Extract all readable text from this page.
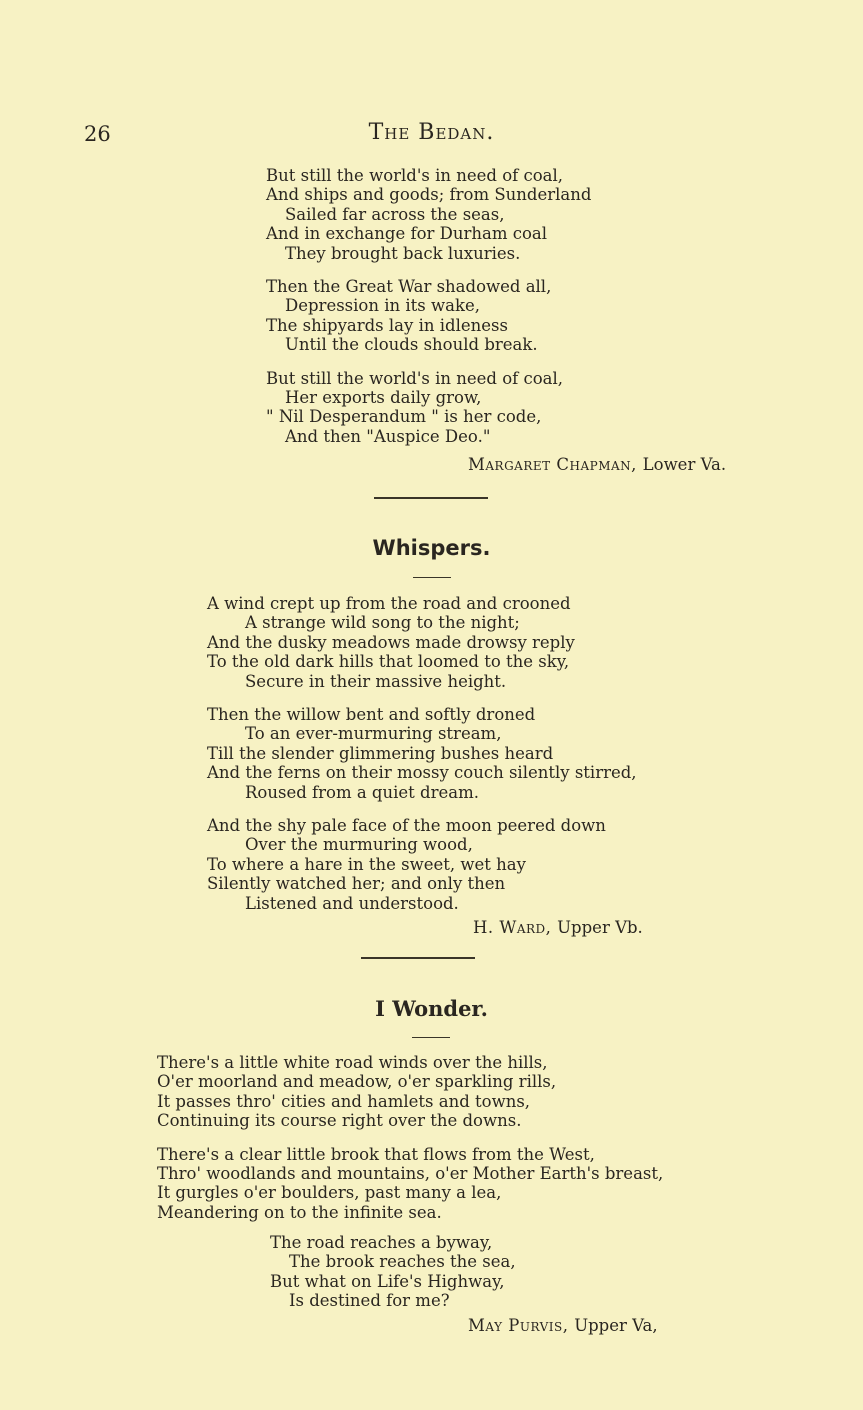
26	The Bedan.
But still the world's in need of coal,
And ships and goods; from Sunderland
Sailed far across the seas,
And in exchange for Durham coal
They brought back luxuries.
Then the Great War shadowed all,
Depression in its wake,
The shipyards lay in idleness
Until the clouds should break.
But still the world's in need of coal,
Her exports daily grow,
" Nil Desperandum " is her code,
And then "Auspice Deo."
Margaret Chapman, Lower Va.
Whispers.
A wind crept up from the road and crooned
A strange wild song to the night;
And the dusky meadows made drowsy reply
To the old dark hills that loomed to the sky,
Secure in their massive height.
Then the willow bent and softly droned
To an ever-murmuring stream,
Till the slender glimmering bushes heard
And the ferns on their mossy couch silently stirred,
Roused from a quiet dream.
And the shy pale face of the moon peered down
Over the murmuring wood,
To where a hare in the sweet, wet hay
Silently watched her; and only then
Listened and understood.
H. Ward, Upper Vb.
I Wonder.
There's a little white road winds over the hills,
O'er moorland and meadow, o'er sparkling rills,
It passes thro' cities and hamlets and towns,
Continuing its course right over the downs.
There's a clear little brook that flows from the West,
Thro' woodlands and mountains, o'er Mother Earth's breast,
It gurgles o'er boulders, past many a lea,
Meandering on to the infinite sea.
The road reaches a byway,
The brook reaches the sea,
But what on Life's Highway,
Is destined for me?
May Purvis, Upper Va,
